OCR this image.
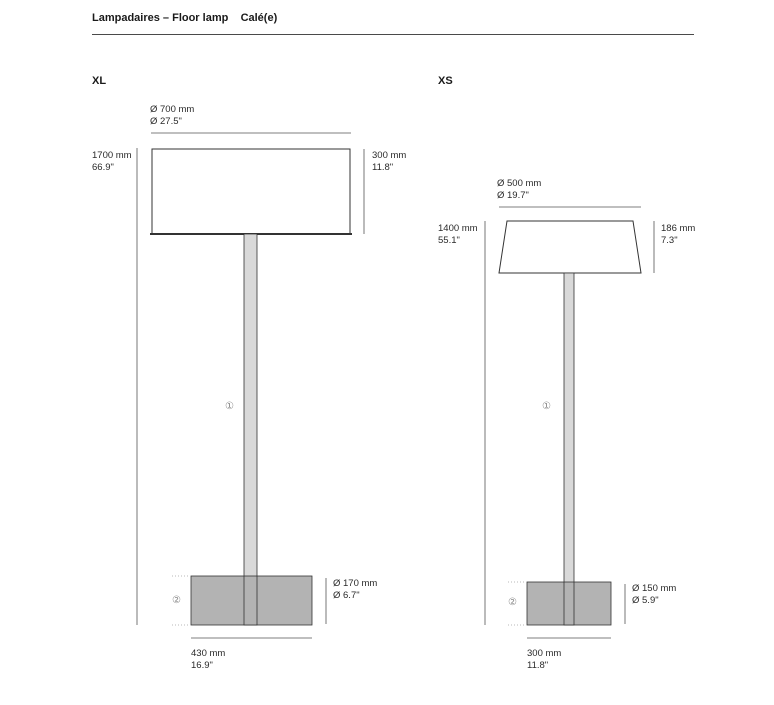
Lampadaires – Floor lamp Calé(e)
XL
Ø 700 mm
Ø 27.5"
1700 mm
66.9"
300 mm
11.8"
①
②
Ø 170 mm
Ø 6.7"
430 mm
16.9"
XS
Ø 500 mm
Ø 19.7"
1400 mm
55.1"
186 mm
7.3"
①
②
Ø 150 mm
Ø 5.9"
300 mm
11.8"
